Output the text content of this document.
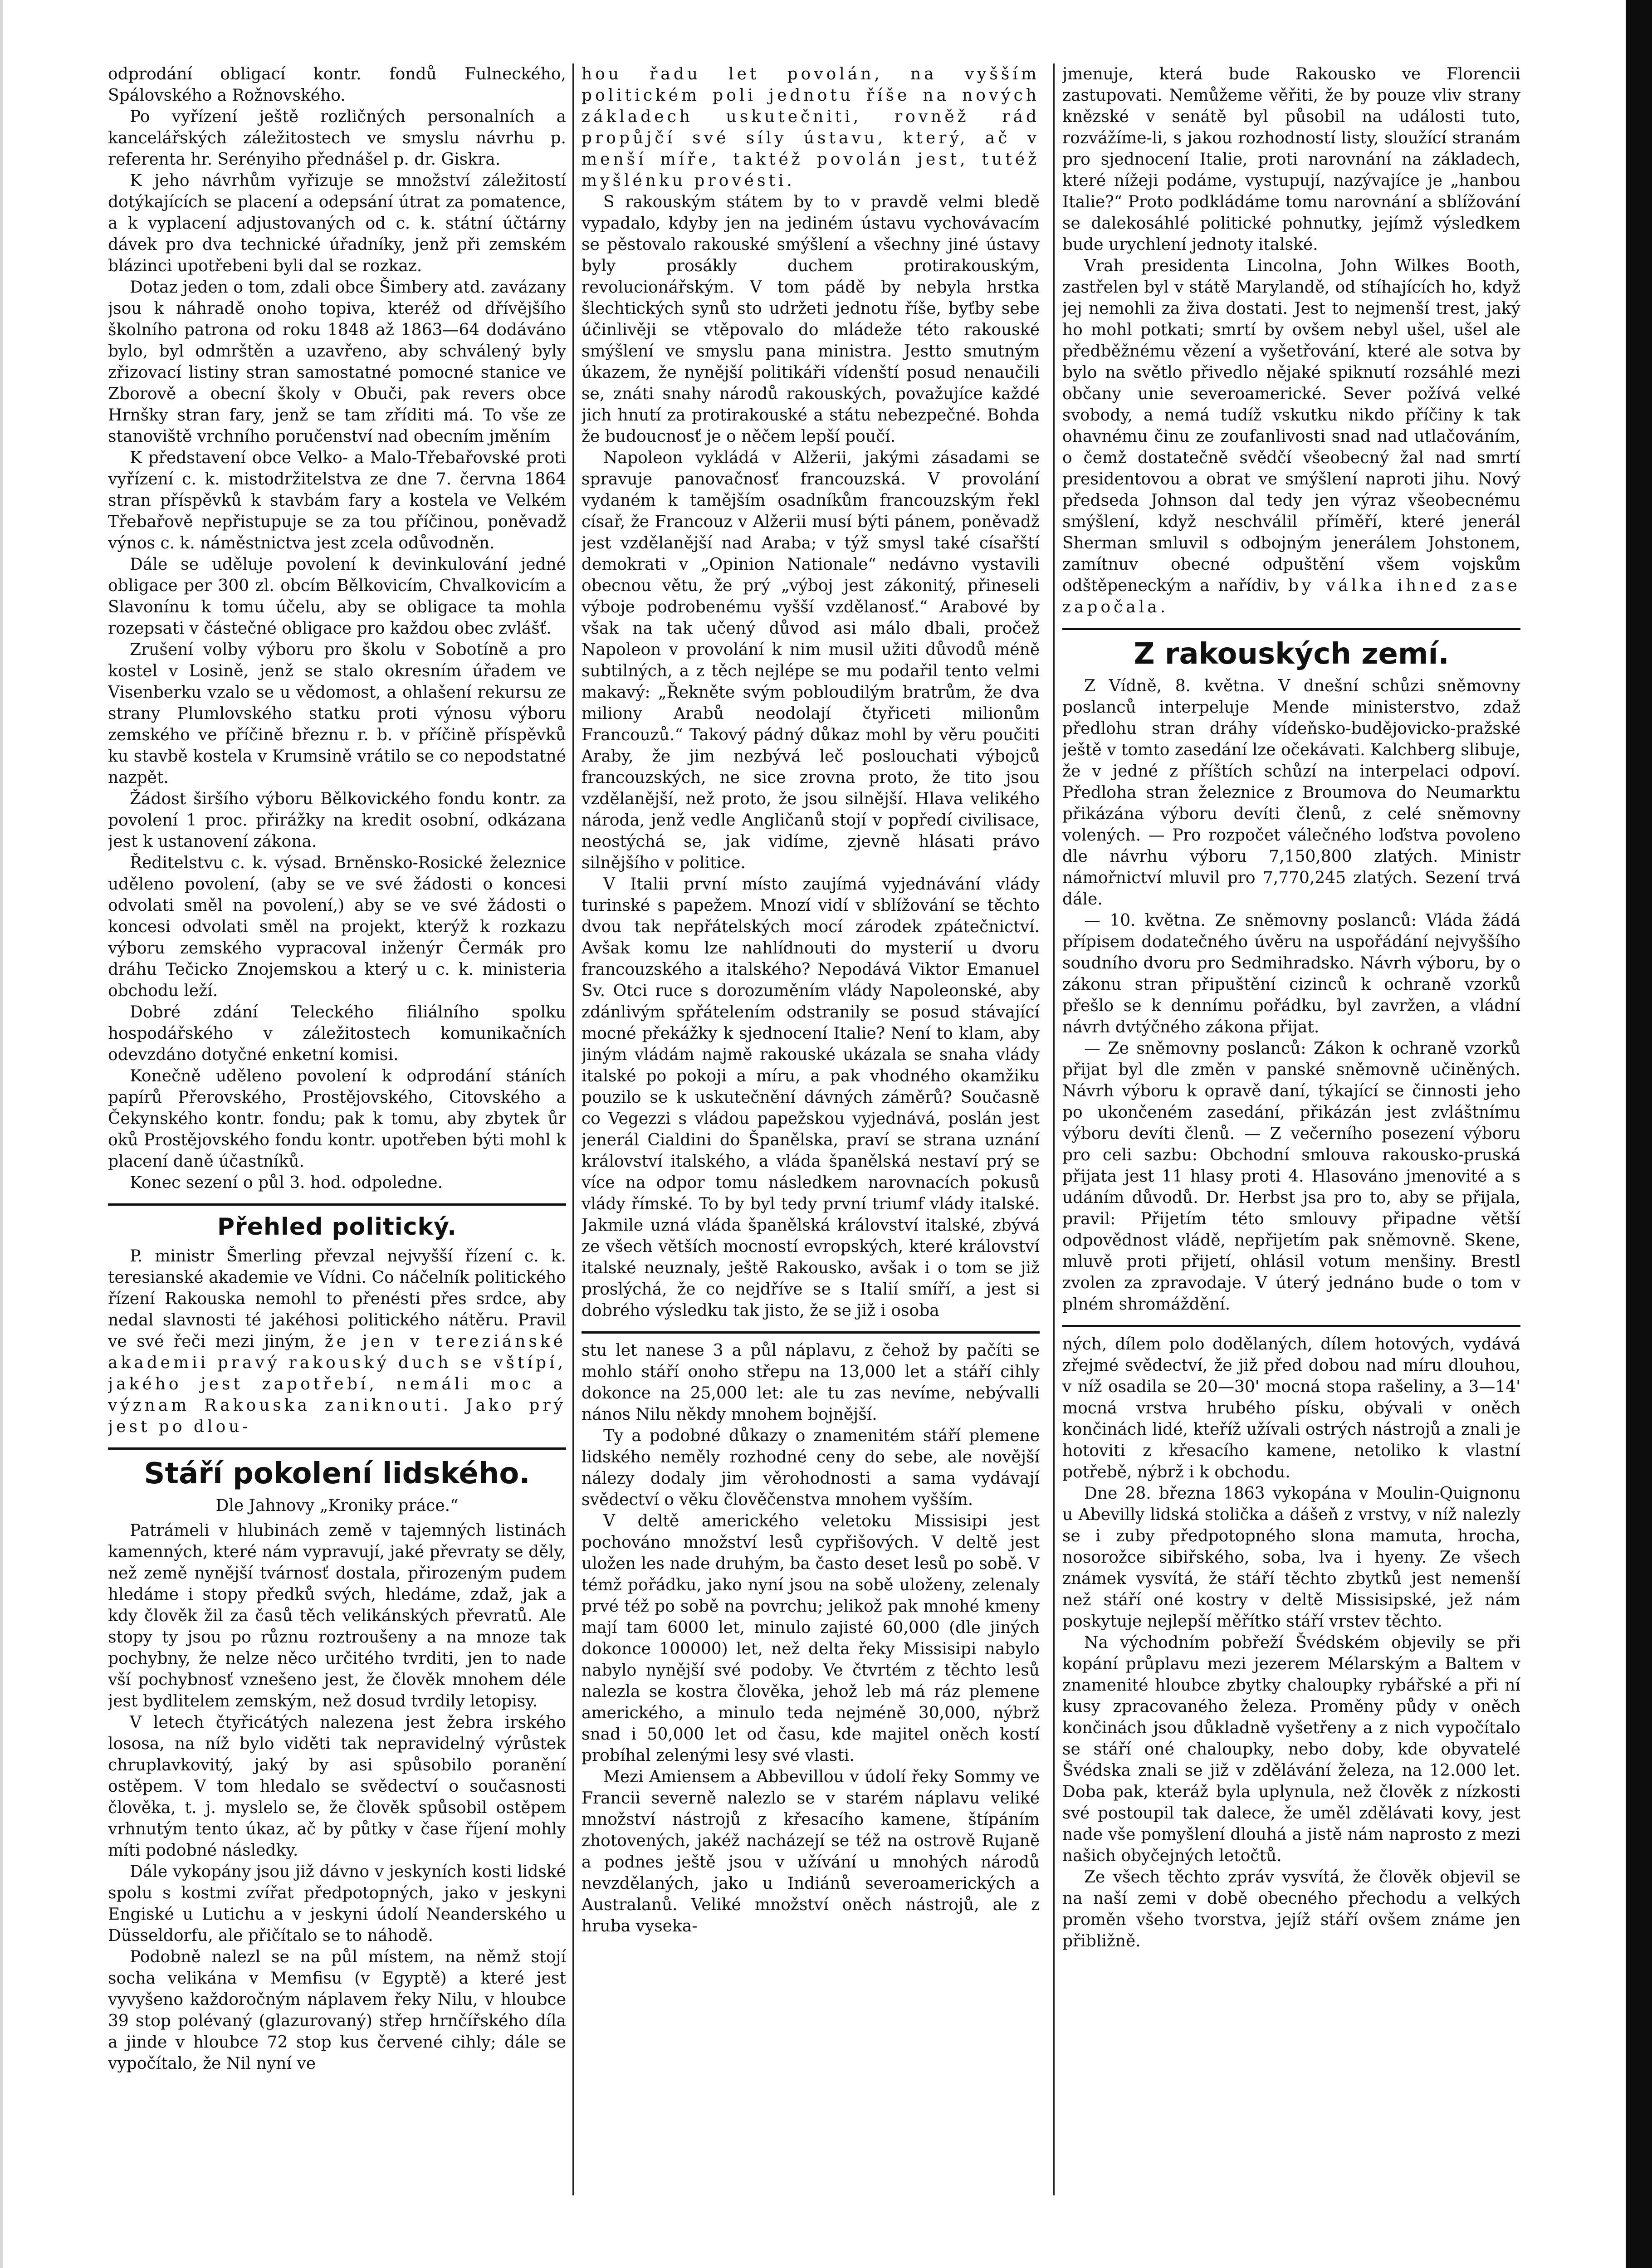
odprodání obligací kontr. fondů Fulneckého, Spálovského a Rožnovského.

Po vyřízení ještě rozličných personalních a kancelářských záležitostech ve smyslu návrhu p. referenta hr. Serényiho přednášel p. dr. Giskra.

K jeho návrhům vyřizuje se množství záležitostí dotýkajících se placení a odepsání útrat za pomatence, a k vyplacení adjustovaných od c. k. státní účtárny dávek pro dva technické úřadníky, jenž při zemském blázinci upotřebeni byli dal se rozkaz.

Dotaz jeden o tom, zdali obce Šimbery atd. zavázany jsou k náhradě onoho topiva, kteréž od dřívějšího školního patrona od roku 1848 až 1863—64 dodáváno bylo, byl odmrštěn a uzavřeno, aby schválený byly zřizovací listiny stran samostatné pomocné stanice ve Zborově a obecní školy v Obuči, pak revers obce Hrnšky stran fary, jenž se tam zříditi má. To vše ze stanoviště vrchního poručenství nad obecním jměním

K představení obce Velko- a Malo-Třebařovské proti vyřízení c. k. mistodržitelstva ze dne 7. června 1864 stran příspěvků k stavbám fary a kostela ve Velkém Třebařově nepřistupuje se za tou příčinou, poněvadž výnos c. k. náměstnictva jest zcela odůvodněn.

Dále se uděluje povolení k devinkulování jedné obligace per 300 zl. obcím Bělkovicím, Chvalkovicím a Slavonínu k tomu účelu, aby se obligace ta mohla rozepsati v částečné obligace pro každou obec zvlášť.

Zrušení volby výboru pro školu v Sobotíně a pro kostel v Losině, jenž se stalo okresním úřadem ve Visenberku vzalo se u vědomost, a ohlašení rekursu ze strany Plumlovského statku proti výnosu výboru zemského ve příčině březnu r. b. v příčině příspěvků ku stavbě kostela v Krumsině vrátilo se co nepodstatné nazpět.

Žádost širšího výboru Bělkovického fondu kontr. za povolení 1 proc. přirážky na kredit osobní, odkázana jest k ustanovení zákona.

Ředitelstvu c. k. výsad. Brněnsko-Rosické železnice uděleno povolení, (aby se ve své žádosti o koncesi odvolati směl na povolení,) aby se ve své žádosti o koncesi odvolati směl na projekt, kterýž k rozkazu výboru zemského vypracoval inženýr Čermák pro dráhu Tečicko Znojemskou a který u c. k. ministeria obchodu leží.

Dobré zdání Teleckého filiálního spolku hospodářského v záležitostech komunikačních odevzdáno dotyčné enketní komisi.

Konečně uděleno povolení k odprodání stáních papírů Přerovského, Prostějovského, Citovského a Čekynského kontr. fondu; pak k tomu, aby zbytek ůr oků Prostějovského fondu kontr. upotřeben býti mohl k placení daně účastníků.

Konec sezení o půl 3. hod. odpoledne.

Přehled politický.

P. ministr Šmerling převzal nejvyšší řízení c. k. teresianské akademie ve Vídni. Co náčelník politického řízení Rakouska nemohl to přenésti přes srdce, aby nedal slavnosti té jakéhosi politického nátěru. Pravil ve své řeči mezi jiným, že jen v tereziánské akademii pravý rakouský duch se vštípí, jakého jest zapotřebí, nemáli moc a význam Rakouska zaniknouti. Jako prý jest po dlou-

Stáří pokolení lidského.

Dle Jahnovy „Kroniky práce.“

Patrámeli v hlubinách země v tajemných listinách kamenných, které nám vypravují, jaké převraty se děly, než země nynější tvárnosť dostala, přirozeným pudem hledáme i stopy předků svých, hledáme, zdaž, jak a kdy člověk žil za časů těch velikánských převratů. Ale stopy ty jsou po různu roztroušeny a na mnoze tak pochybny, že nelze něco určitého tvrditi, jen to nade vší pochybnosť vznešeno jest, že člověk mnohem déle jest bydlitelem zemským, než dosud tvrdily letopisy.

V letech čtyřicátých nalezena jest žebra irského lososa, na níž bylo viděti tak nepravidelný výrůstek chruplavkovitý, jaký by asi spůsobilo poranění ostěpem. V tom hledalo se svědectví o současnosti člověka, t. j. myslelo se, že člověk spůsobil ostěpem vrhnutým tento úkaz, ač by půtky v čase říjení mohly míti podobné následky.

Dále vykopány jsou již dávno v jeskyních kosti lidské spolu s kostmi zvířat předpotopných, jako v jeskyni Engiské u Lutichu a v jeskyni údolí Neanderského u Düsseldorfu, ale přičítalo se to náhodě.

Podobně nalezl se na půl místem, na němž stojí socha velikána v Memfisu (v Egyptě) a které jest vyvyšeno každoročným náplavem řeky Nilu, v hloubce 39 stop polévaný (glazurovaný) střep hrnčířského díla a jinde v hloubce 72 stop kus červené cihly; dále se vypočítalo, že Nil nyní ve

hou řadu let povolán, na vyšším politickém poli jednotu říše na nových základech uskutečniti, rovněž rád propůjčí své síly ústavu, který, ač v menší míře, taktéž povolán jest, tutéž myšlénku provésti.

S rakouským státem by to v pravdě velmi bledě vypadalo, kdyby jen na jediném ústavu vychovávacím se pěstovalo rakouské smýšlení a všechny jiné ústavy byly prosákly duchem protirakouským, revolucionářským. V tom pádě by nebyla hrstka šlechtických synů sto udržeti jednotu říše, byťby sebe účinlivěji se vtěpovalo do mládeže této rakouské smýšlení ve smyslu pana ministra. Jestto smutným úkazem, že nynější politikáři vídenští posud nenaučili se, znáti snahy národů rakouských, považujíce každé jich hnutí za protirakouské a státu nebezpečné. Bohda že budoucnosť je o něčem lepší poučí.

Napoleon vykládá v Alžerii, jakými zásadami se spravuje panovačnosť francouzská. V provolání vydaném k tamějším osadníkům francouzským řekl císař, že Francouz v Alžerii musí býti pánem, poněvadž jest vzdělanější nad Araba; v týž smysl také císařští demokrati v „Opinion Nationale“ nedávno vystavili obecnou větu, že prý „výboj jest zákonitý, přineseli výboje podrobenému vyšší vzdělanosť.“ Arabové by však na tak učený důvod asi málo dbali, pročež Napoleon v provolání k nim musil užiti důvodů méně subtilných, a z těch nejlépe se mu podařil tento velmi makavý: „Řekněte svým pobloudilým bratrům, že dva miliony Arabů neodolají čtyřiceti milionům Francouzů.“ Takový pádný důkaz mohl by věru poučiti Araby, že jim nezbývá leč poslouchati výbojců francouzských, ne sice zrovna proto, že tito jsou vzdělanější, než proto, že jsou silnější. Hlava velikého národa, jenž vedle Angličanů stojí v popředí civilisace, neostýchá se, jak vidíme, zjevně hlásati právo silnějšího v politice.

V Italii první místo zaujímá vyjednávání vlády turinské s papežem. Mnozí vidí v sblížování se těchto dvou tak nepřátelských mocí zárodek zpátečnictví. Avšak komu lze nahlídnouti do mysterií u dvoru francouzského a italského? Nepodává Viktor Emanuel Sv. Otci ruce s dorozuměním vlády Napoleonské, aby zdánlivým spřátelením odstranily se posud stávající mocné překážky k sjednocení Italie? Není to klam, aby jiným vládám najmě rakouské ukázala se snaha vlády italské po pokoji a míru, a pak vhodného okamžiku pouzilo se k uskutečnění dávných záměrů? Současně co Vegezzi s vládou papežskou vyjednává, poslán jest jenerál Cialdini do Španělska, praví se strana uznání království italského, a vláda španělská nestaví prý se více na odpor tomu následkem narovnacích pokusů vlády římské. To by byl tedy první triumf vlády italské. Jakmile uzná vláda španělská království italské, zbývá ze všech větších mocností evropských, které království italské neuznaly, ještě Rakousko, avšak i o tom se již proslýchá, že co nejdříve se s Italií smíří, a jest si dobrého výsledku tak jisto, že se již i osoba

stu let nanese 3 a půl náplavu, z čehož by pačíti se mohlo stáří onoho střepu na 13,000 let a stáří cihly dokonce na 25,000 let: ale tu zas nevíme, nebývalli nános Nilu někdy mnohem bojnější.

Ty a podobné důkazy o znamenitém stáří plemene lidského neměly rozhodné ceny do sebe, ale novější nálezy dodaly jim věrohodnosti a sama vydávají svědectví o věku člověčenstva mnohem vyšším.

V deltě amerického veletoku Missisipi jest pochováno množství lesů cypřišových. V deltě jest uložen les nade druhým, ba často deset lesů po sobě. V témž pořádku, jako nyní jsou na sobě uloženy, zelenaly prvé též po sobě na povrchu; jelikož pak mnohé kmeny mají tam 6000 let, minulo zajisté 60,000 (dle jiných dokonce 100000) let, než delta řeky Missisipi nabylo nabylo nynější své podoby. Ve čtvrtém z těchto lesů nalezla se kostra člověka, jehož leb má ráz plemene amerického, a minulo teda nejméně 30,000, nýbrž snad i 50,000 let od času, kde majitel oněch kostí probíhal zelenými lesy své vlasti.

Mezi Amiensem a Abbevillou v údolí řeky Sommy ve Francii severně nalezlo se v starém náplavu veliké množství nástrojů z křesacího kamene, štípáním zhotovených, jakéž nacházejí se též na ostrově Rujaně a podnes ještě jsou v užívání u mnohých národů nevzdělaných, jako u Indiánů severoamerických a Australanů. Veliké množství oněch nástrojů, ale z hruba vyseka-

jmenuje, která bude Rakousko ve Florencii zastupovati. Nemůžeme věřiti, že by pouze vliv strany knězské v senátě byl působil na události tuto, rozvážíme-li, s jakou rozhodností listy, sloužící stranám pro sjednocení Italie, proti narovnání na základech, které nížeji podáme, vystupují, nazývajíce je „hanbou Italie?“ Proto podkládáme tomu narovnání a sblížování se dalekosáhlé politické pohnutky, jejímž výsledkem bude urychlení jednoty italské.

Vrah presidenta Lincolna, John Wilkes Booth, zastřelen byl v státě Marylandě, od stíhajících ho, když jej nemohli za živa dostati. Jest to nejmenší trest, jaký ho mohl potkati; smrtí by ovšem nebyl ušel, ušel ale předběžnému vězení a vyšetřování, které ale sotva by bylo na světlo přivedlo nějaké spiknutí rozsáhlé mezi občany unie severoamerické. Sever požívá velké svobody, a nemá tudíž vskutku nikdo příčiny k tak ohavnému činu ze zoufanlivosti snad nad utlačováním, o čemž dostatečně svědčí všeobecný žal nad smrtí presidentovou a obrat ve smýšlení naproti jihu. Nový předseda Johnson dal tedy jen výraz všeobecnému smýšlení, když neschválil příměří, které jenerál Sherman smluvil s odbojným jenerálem Johstonem, zamítnuv obecné odpuštění všem vojskům odštěpeneckým a nařídiv, by válka ihned zase započala.

Z rakouských zemí.

Z Vídně, 8. května. V dnešní schůzi sněmovny poslanců interpeluje Mende ministerstvo, zdaž předlohu stran dráhy vídeňsko-budějovicko-pražské ještě v tomto zasedání lze očekávati. Kalchberg slibuje, že v jedné z příštích schůzí na interpelaci odpoví. Předloha stran železnice z Broumova do Neumarktu přikázána výboru devíti členů, z celé sněmovny volených. — Pro rozpočet válečného loďstva povoleno dle návrhu výboru 7,150,800 zlatých. Ministr námořnictví mluvil pro 7,770,245 zlatých. Sezení trvá dále.

— 10. května. Ze sněmovny poslanců: Vláda žádá přípisem dodatečného úvěru na uspořádání nejvyššího soudního dvoru pro Sedmihradsko. Návrh výboru, by o zákonu stran připuštění cizinců k ochraně vzorků přešlo se k dennímu pořádku, byl zavržen, a vládní návrh dvtýčného zákona přijat.

— Ze sněmovny poslanců: Zákon k ochraně vzorků přijat byl dle změn v panské sněmovně učiněných. Návrh výboru k opravě daní, týkající se činnosti jeho po ukončeném zasedání, přikázán jest zvláštnímu výboru devíti členů. — Z večerního posezení výboru pro celi sazbu: Obchodní smlouva rakousko-pruská přijata jest 11 hlasy proti 4. Hlasováno jmenovité a s udáním důvodů. Dr. Herbst jsa pro to, aby se přijala, pravil: Přijetím této smlouvy připadne větší odpovědnost vládě, nepřijetím pak sněmovně. Skene, mluvě proti přijetí, ohlásil votum menšiny. Brestl zvolen za zpravodaje. V úterý jednáno bude o tom v plném shromáždění.

ných, dílem polo dodělaných, dílem hotových, vydává zřejmé svědectví, že již před dobou nad míru dlouhou, v níž osadila se 20—30' mocná stopa rašeliny, a 3—14' mocná vrstva hrubého písku, obývali v oněch končinách lidé, kteříž užívali ostrých nástrojů a znali je hotoviti z křesacího kamene, netoliko k vlastní potřebě, nýbrž i k obchodu.

Dne 28. března 1863 vykopána v Moulin-Quignonu u Abevilly lidská stolička a dášeň z vrstvy, v níž nalezly se i zuby předpotopného slona mamuta, hrocha, nosorožce sibiřského, soba, lva i hyeny. Ze všech známek vysvítá, že stáří těchto zbytků jest nemenší než stáří oné kostry v deltě Missisipské, jež nám poskytuje nejlepší měřítko stáří vrstev těchto.

Na východním pobřeží Švédském objevily se při kopání průplavu mezi jezerem Mélarským a Baltem v znamenité hloubce zbytky chaloupky rybářské a při ní kusy zpracovaného železa. Proměny půdy v oněch končinách jsou důkladně vyšetřeny a z nich vypočítalo se stáří oné chaloupky, nebo doby, kde obyvatelé Švédska znali se již v zdělávání železa, na 12.000 let. Doba pak, kteráž byla uplynula, než člověk z nízkosti své postoupil tak dalece, že uměl zdělávati kovy, jest nade vše pomyšlení dlouhá a jistě nám naprosto z mezi našich obyčejných letočtů.

Ze všech těchto zpráv vysvítá, že člověk objevil se na naší zemi v době obecného přechodu a velkých proměn všeho tvorstva, jejíž stáří ovšem známe jen přibližně.
